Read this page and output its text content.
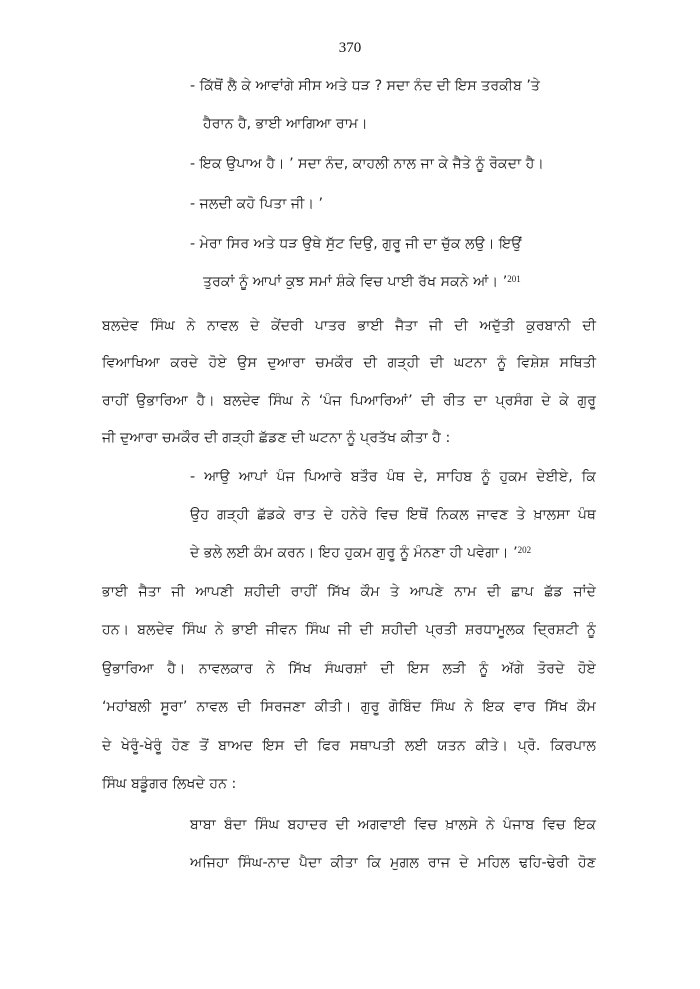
370
- ਕਿੱਥੋਂ ਲੈ ਕੇ ਆਵਾਂਗੇ ਸੀਸ ਅਤੇ ਧੜ ? ਸਦਾ ਨੰਦ ਦੀ ਇਸ ਤਰਕੀਬ ’ਤੇ
ਹੈਰਾਨ ਹੈ, ਭਾਈ ਆਗਿਆ ਰਾਮ।
- ਇਕ ਉਪਾਅ ਹੈ। ’ ਸਦਾ ਨੰਦ, ਕਾਹਲੀ ਨਾਲ ਜਾ ਕੇ ਜੈਤੇ ਨੂੰ ਰੋਕਦਾ ਹੈ।
- ਜਲਦੀ ਕਹੋ ਪਿਤਾ ਜੀ। ’
- ਮੇਰਾ ਸਿਰ ਅਤੇ ਧੜ ਉਥੇ ਸੁੱਟ ਦਿਉ, ਗੁਰੂ ਜੀ ਦਾ ਚੁੱਕ ਲਉ। ਇਉਂ
ਤੁਰਕਾਂ ਨੂੰ ਆਪਾਂ ਕੁਝ ਸਮਾਂ ਸ਼ੰਕੇ ਵਿਚ ਪਾਈ ਰੱਖ ਸਕਨੇ ਆਂ। ’$^{201}$
ਬਲਦੇਵ ਸਿੰਘ ਨੇ ਨਾਵਲ ਦੇ ਕੇਂਦਰੀ ਪਾਤਰ ਭਾਈ ਜੈਤਾ ਜੀ ਦੀ ਅਦੁੱਤੀ ਕੁਰਬਾਨੀ ਦੀ
ਵਿਆਖਿਆ ਕਰਦੇ ਹੋਏ ਉਸ ਦੁਆਰਾ ਚਮਕੌਰ ਦੀ ਗੜ੍ਹੀ ਦੀ ਘਟਨਾ ਨੂੰ ਵਿਸ਼ੇਸ਼ ਸਥਿਤੀ
ਰਾਹੀਂ ਉਭਾਰਿਆ ਹੈ। ਬਲਦੇਵ ਸਿੰਘ ਨੇ ‘ਪੰਜ ਪਿਆਰਿਆਂ’ ਦੀ ਰੀਤ ਦਾ ਪ੍ਰਸੰਗ ਦੇ ਕੇ ਗੁਰੂ
ਜੀ ਦੁਆਰਾ ਚਮਕੌਰ ਦੀ ਗੜ੍ਹੀ ਛੱਡਣ ਦੀ ਘਟਨਾ ਨੂੰ ਪ੍ਰਤੱਖ ਕੀਤਾ ਹੈ :
- ਆਉ ਆਪਾਂ ਪੰਜ ਪਿਆਰੇ ਬਤੌਰ ਪੰਥ ਦੇ, ਸਾਹਿਬ ਨੂੰ ਹੁਕਮ ਦੇਈਏ, ਕਿ
ਉਹ ਗੜ੍ਹੀ ਛੱਡਕੇ ਰਾਤ ਦੇ ਹਨੇਰੇ ਵਿਚ ਇਥੋਂ ਨਿਕਲ ਜਾਵਣ ਤੇ ਖ਼ਾਲਸਾ ਪੰਥ
ਦੇ ਭਲੇ ਲਈ ਕੰਮ ਕਰਨ। ਇਹ ਹੁਕਮ ਗੁਰੂ ਨੂੰ ਮੰਨਣਾ ਹੀ ਪਵੇਗਾ। ’$^{202}$
ਭਾਈ ਜੈਤਾ ਜੀ ਆਪਣੀ ਸ਼ਹੀਦੀ ਰਾਹੀਂ ਸਿੱਖ ਕੌਮ ਤੇ ਆਪਣੇ ਨਾਮ ਦੀ ਛਾਪ ਛੱਡ ਜਾਂਦੇ
ਹਨ। ਬਲਦੇਵ ਸਿੰਘ ਨੇ ਭਾਈ ਜੀਵਨ ਸਿੰਘ ਜੀ ਦੀ ਸ਼ਹੀਦੀ ਪ੍ਰਤੀ ਸ਼ਰਧਾਮੂਲਕ ਦ੍ਰਿਸ਼ਟੀ ਨੂੰ
ਉਭਾਰਿਆ ਹੈ। ਨਾਵਲਕਾਰ ਨੇ ਸਿੱਖ ਸੰਘਰਸ਼ਾਂ ਦੀ ਇਸ ਲੜੀ ਨੂੰ ਅੱਗੇ ਤੋਰਦੇ ਹੋਏ
‘ਮਹਾਂਬਲੀ ਸੂਰਾ’ ਨਾਵਲ ਦੀ ਸਿਰਜਣਾ ਕੀਤੀ। ਗੁਰੂ ਗੋਬਿੰਦ ਸਿੰਘ ਨੇ ਇਕ ਵਾਰ ਸਿੱਖ ਕੌਮ
ਦੇ ਖੇਰੂੰ-ਖੇਰੂੰ ਹੋਣ ਤੋਂ ਬਾਅਦ ਇਸ ਦੀ ਫਿਰ ਸਥਾਪਤੀ ਲਈ ਯਤਨ ਕੀਤੇ। ਪ੍ਰੋ. ਕਿਰਪਾਲ
ਸਿੰਘ ਬਡੂੰਗਰ ਲਿਖਦੇ ਹਨ :
ਬਾਬਾ ਬੰਦਾ ਸਿੰਘ ਬਹਾਦਰ ਦੀ ਅਗਵਾਈ ਵਿਚ ਖ਼ਾਲਸੇ ਨੇ ਪੰਜਾਬ ਵਿਚ ਇਕ
ਅਜਿਹਾ ਸਿੰਘ-ਨਾਦ ਪੈਦਾ ਕੀਤਾ ਕਿ ਮੁਗਲ ਰਾਜ ਦੇ ਮਹਿਲ ਢਹਿ-ਢੇਰੀ ਹੋਣ
